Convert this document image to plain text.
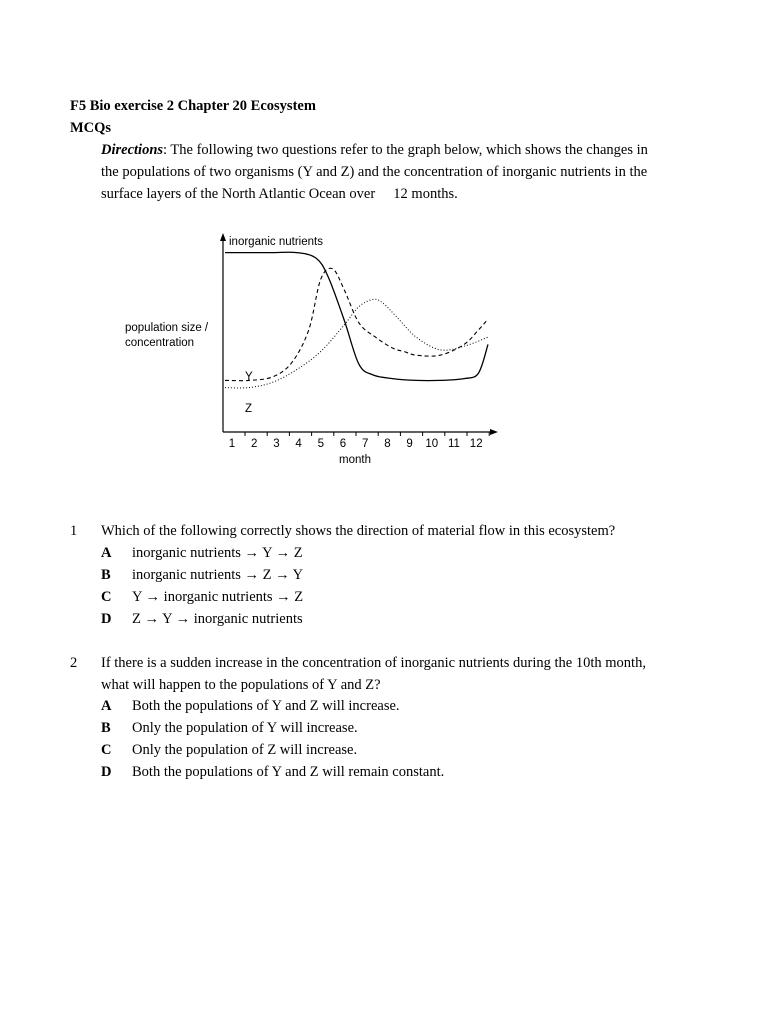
F5 Bio exercise 2 Chapter 20 Ecosystem
MCQs
Directions: The following two questions refer to the graph below, which shows the changes in
the populations of two organisms (Y and Z) and the concentration of inorganic nutrients in the
surface layers of the North Atlantic Ocean over     12 months.
1 2 3 4 5 6 7 8 9 10 11 12
inorganic nutrients
population size /
concentration
Y
Z
month
1 Which of the following correctly shows the direction of material flow in this ecosystem?
A inorganic nutrients → Y → Z
B inorganic nutrients → Z → Y
C Y → inorganic nutrients → Z
D Z → Y → inorganic nutrients
2 If there is a sudden increase in the concentration of inorganic nutrients during the 10th month,
what will happen to the populations of Y and Z?
A Both the populations of Y and Z will increase.
B Only the population of Y will increase.
C Only the population of Z will increase.
D Both the populations of Y and Z will remain constant.
